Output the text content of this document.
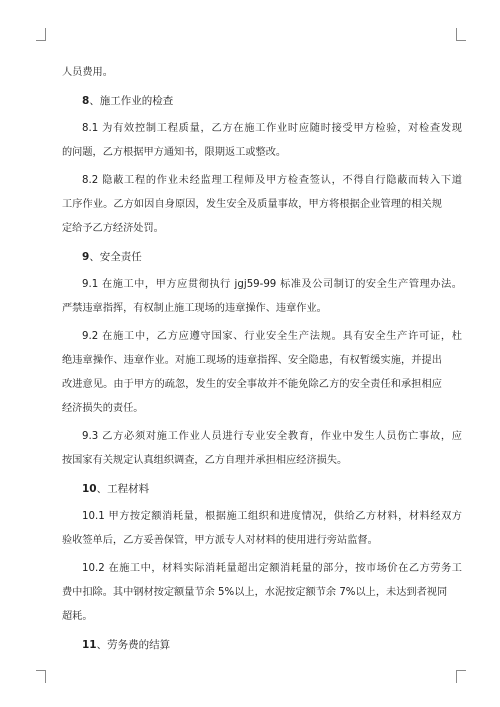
人员费用。
8、施工作业的检查
8.1 为有效控制工程质量，乙方在施工作业时应随时接受甲方检验，对检查发现
的问题，乙方根据甲方通知书，限期返工或整改。
8.2 隐蔽工程的作业未经监理工程师及甲方检查签认，不得自行隐蔽而转入下道
工序作业。乙方如因自身原因，发生安全及质量事故，甲方将根据企业管理的相关规
定给予乙方经济处罚。
9、安全责任
9.1 在施工中，甲方应贯彻执行 jgj59-99 标准及公司制订的安全生产管理办法。
严禁违章指挥，有权制止施工现场的违章操作、违章作业。
9.2 在施工中，乙方应遵守国家、行业安全生产法规。具有安全生产许可证，杜
绝违章操作、违章作业。对施工现场的违章指挥、安全隐患，有权暂缓实施，并提出
改进意见。由于甲方的疏忽，发生的安全事故并不能免除乙方的安全责任和承担相应
经济损失的责任。
9.3 乙方必须对施工作业人员进行专业安全教育，作业中发生人员伤亡事故，应
按国家有关规定认真组织调查，乙方自理并承担相应经济损失。
10、工程材料
10.1 甲方按定额消耗量，根据施工组织和进度情况，供给乙方材料，材料经双方
验收签单后，乙方妥善保管，甲方派专人对材料的使用进行旁站监督。
10.2 在施工中，材料实际消耗量超出定额消耗量的部分，按市场价在乙方劳务工
费中扣除。其中钢材按定额量节余 5%以上，水泥按定额节余 7%以上，未达到者视同
超耗。
11、劳务费的结算
